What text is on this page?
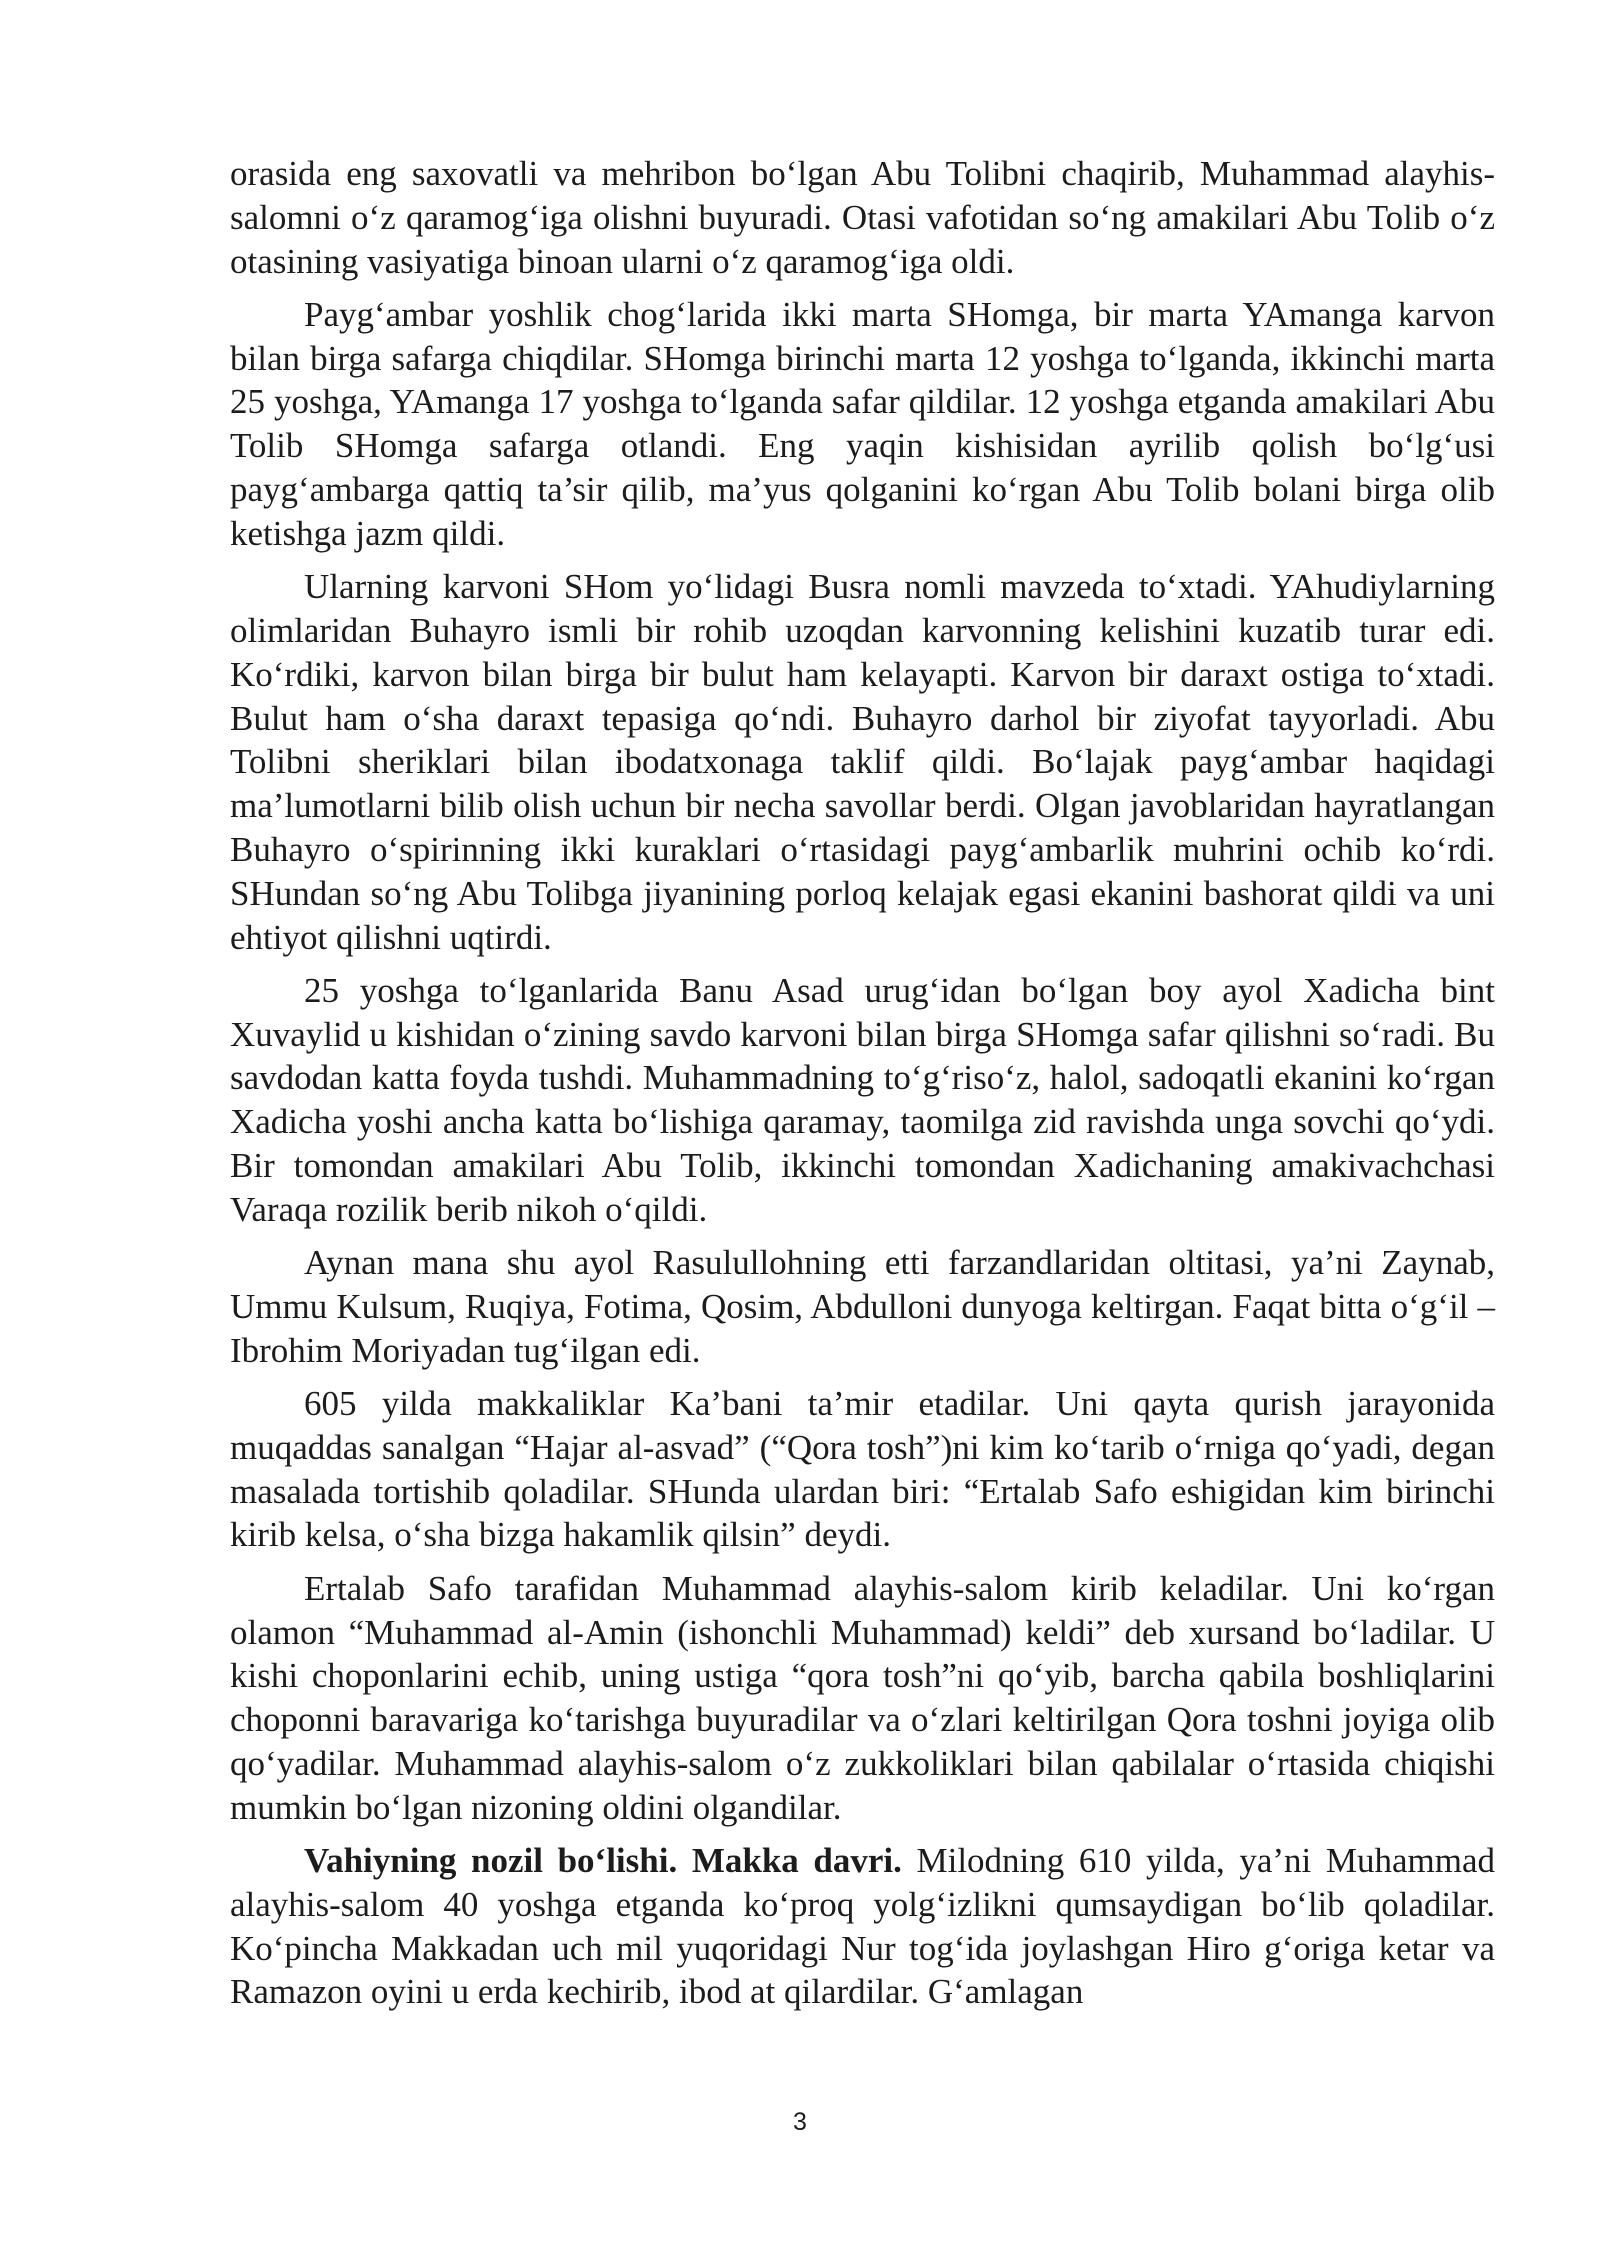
orasida eng saxovatli va mehribon bo‘lgan Abu Tolibni chaqirib, Muhammad alayhis-salomni o‘z qaramog‘iga olishni buyuradi. Otasi vafotidan so‘ng amakilari Abu Tolib o‘z otasining vasiyatiga binoan ularni o‘z qaramog‘iga oldi.

Payg‘ambar yoshlik chog‘larida ikki marta SHomga, bir marta YAmanga karvon bilan birga safarga chiqdilar. SHomga birinchi marta 12 yoshga to‘lganda, ikkinchi marta 25 yoshga, YAmanga 17 yoshga to‘lganda safar qildilar. 12 yoshga etganda amakilari Abu Tolib SHomga safarga otlandi. Eng yaqin kishisidan ayrilib qolish bo‘lg‘usi payg‘ambarga qattiq ta’sir qilib, ma’yus qolganini ko‘rgan Abu Tolib bolani birga olib ketishga jazm qildi.

Ularning karvoni SHom yo‘lidagi Busra nomli mavzeda to‘xtadi. YAhudiylarning olimlaridan Buhayro ismli bir rohib uzoqdan karvonning kelishini kuzatib turar edi. Ko‘rdiki, karvon bilan birga bir bulut ham kelayapti. Karvon bir daraxt ostiga to‘xtadi. Bulut ham o‘sha daraxt tepasiga qo‘ndi. Buhayro darhol bir ziyofat tayyorladi. Abu Tolibni sheriklari bilan ibodatxonaga taklif qildi. Bo‘lajak payg‘ambar haqidagi ma’lumotlarni bilib olish uchun bir necha savollar berdi. Olgan javoblaridan hayratlangan Buhayro o‘spirinning ikki kuraklari o‘rtasidagi payg‘ambarlik muhrini ochib ko‘rdi. SHundan so‘ng Abu Tolibga jiyanining porloq kelajak egasi ekanini bashorat qildi va uni ehtiyot qilishni uqtirdi.

25 yoshga to‘lganlarida Banu Asad urug‘idan bo‘lgan boy ayol Xadicha bint Xuvaylid u kishidan o‘zining savdo karvoni bilan birga SHomga safar qilishni so‘radi. Bu savdodan katta foyda tushdi. Muhammadning to‘g‘riso‘z, halol, sadoqatli ekanini ko‘rgan Xadicha yoshi ancha katta bo‘lishiga qaramay, taomilga zid ravishda unga sovchi qo‘ydi. Bir tomondan amakilari Abu Tolib, ikkinchi tomondan Xadichaning amakivachchasi Varaqa rozilik berib nikoh o‘qildi.

Aynan mana shu ayol Rasulullohning etti farzandlaridan oltitasi, ya’ni Zaynab, Ummu Kulsum, Ruqiya, Fotima, Qosim, Abdulloni dunyoga keltirgan. Faqat bitta o‘g‘il – Ibrohim Moriyadan tug‘ilgan edi.

605 yilda makkaliklar Ka’bani ta’mir etadilar. Uni qayta qurish jarayonida muqaddas sanalgan “Hajar al-asvad” (“Qora tosh”)ni kim ko‘tarib o‘rniga qo‘yadi, degan masalada tortishib qoladilar. SHunda ulardan biri: “Ertalab Safo eshigidan kim birinchi kirib kelsa, o‘sha bizga hakamlik qilsin” deydi.

Ertalab Safo tarafidan Muhammad alayhis-salom kirib keladilar. Uni ko‘rgan olamon “Muhammad al-Amin (ishonchli Muhammad) keldi” deb xursand bo‘ladilar. U kishi choponlarini echib, uning ustiga “qora tosh”ni qo‘yib, barcha qabila boshliqlarini choponni baravariga ko‘tarishga buyuradilar va o‘zlari keltirilgan Qora toshni joyiga olib qo‘yadilar. Muhammad alayhis-salom o‘z zukkoliklari bilan qabilalar o‘rtasida chiqishi mumkin bo‘lgan nizoning oldini olgandilar.

Vahiyning nozil bo‘lishi. Makka davri. Milodning 610 yilda, ya’ni Muhammad alayhis-salom 40 yoshga etganda ko‘proq yolg‘izlikni qumsaydigan bo‘lib qoladilar. Ko‘pincha Makkadan uch mil yuqoridagi Nur tog‘ida joylashgan Hiro g‘origa ketar va Ramazon oyini u erda kechirib, ibod at qilardilar. G‘amlagan

3
